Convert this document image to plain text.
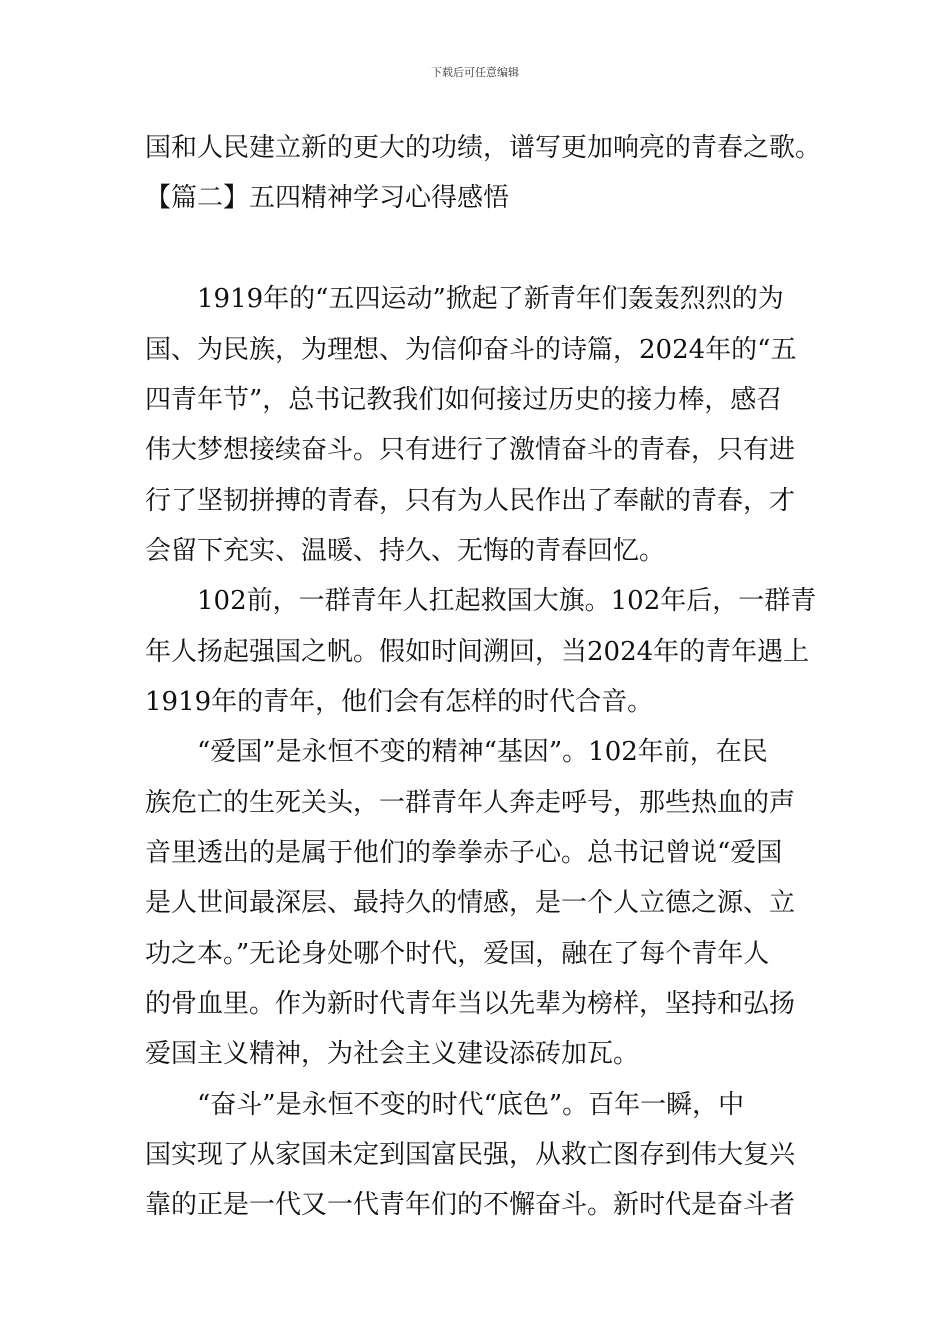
下载后可任意编辑
国和人民建立新的更大的功绩，谱写更加响亮的青春之歌。
【篇二】五四精神学习心得感悟
　　1919年的“五四运动”掀起了新青年们轰轰烈烈的为
国、为民族，为理想、为信仰奋斗的诗篇，2024年的“五
四青年节”，总书记教我们如何接过历史的接力棒，感召
伟大梦想接续奋斗。只有进行了激情奋斗的青春，只有进
行了坚韧拼搏的青春，只有为人民作出了奉献的青春，才
会留下充实、温暖、持久、无悔的青春回忆。
　　102前，一群青年人扛起救国大旗。102年后，一群青
年人扬起强国之帆。假如时间溯回，当2024年的青年遇上
1919年的青年，他们会有怎样的时代合音。
　　“爱国”是永恒不变的精神“基因”。102年前，在民
族危亡的生死关头，一群青年人奔走呼号，那些热血的声
音里透出的是属于他们的拳拳赤子心。总书记曾说“爱国
是人世间最深层、最持久的情感，是一个人立德之源、立
功之本。”无论身处哪个时代，爱国，融在了每个青年人
的骨血里。作为新时代青年当以先辈为榜样，坚持和弘扬
爱国主义精神，为社会主义建设添砖加瓦。
　　“奋斗”是永恒不变的时代“底色”。百年一瞬，中
国实现了从家国未定到国富民强，从救亡图存到伟大复兴
靠的正是一代又一代青年们的不懈奋斗。新时代是奋斗者
